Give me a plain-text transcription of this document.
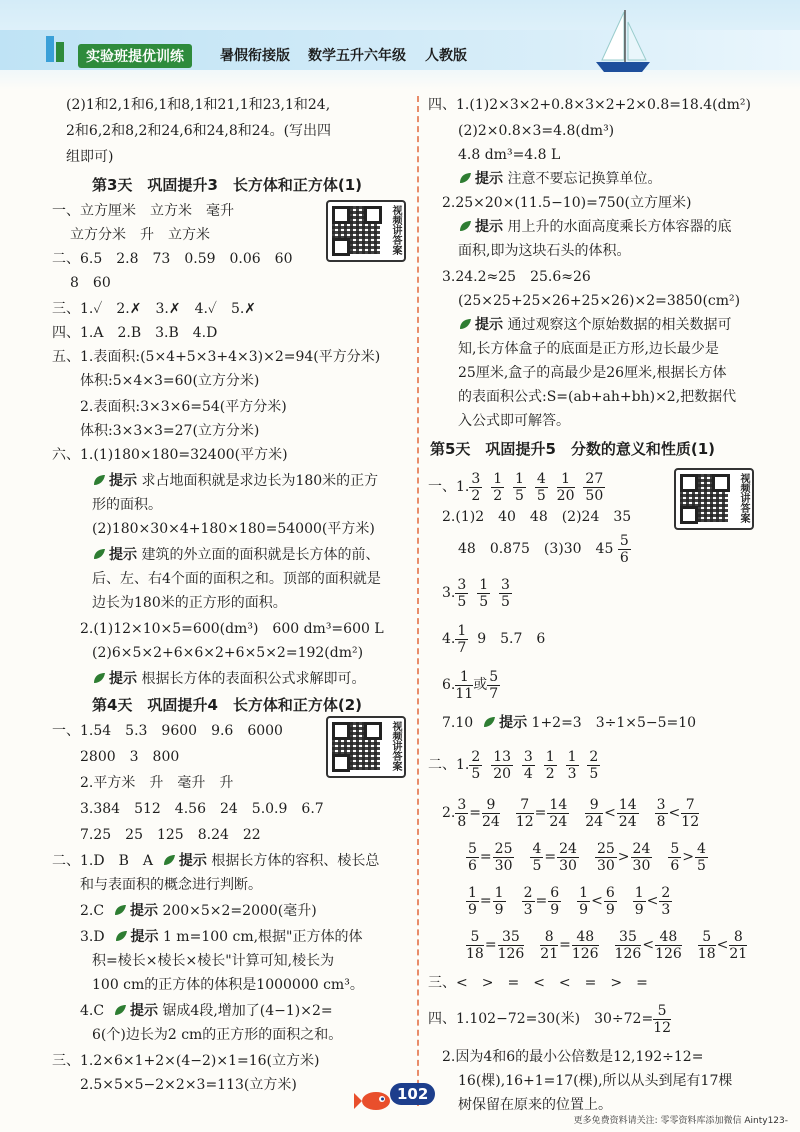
实验班提优训练	暑假衔接版 数学五升六年级 人教版
(2)1和2,1和6,1和8,1和21,1和23,1和24,
2和6,2和8,2和24,6和24,8和24。(写出四
组即可)
第3天　巩固提升3　长方体和正方体(1)
一、立方厘米　立方米　毫升
立方分米　升　立方米
二、6.5　2.8　73　0.59　0.06　60
8　60
三、1.✓　2.✗　3.✗　4.✓　5.✗
四、1.A　2.B　3.B　4.D
五、1.表面积:(5×4+5×3+4×3)×2=94(平方分米)
体积:5×4×3=60(立方分米)
2.表面积:3×3×6=54(平方分米)
体积:3×3×3=27(立方分米)
六、1.(1)180×180=32400(平方米)
提示 求占地面积就是求边长为180米的正方
形的面积。
(2)180×30×4+180×180=54000(平方米)
提示 建筑的外立面的面积就是长方体的前、
后、左、右4个面的面积之和。顶部的面积就是
边长为180米的正方形的面积。
2.(1)12×10×5=600(dm³)　600 dm³=600 L
(2)6×5×2+6×6×2+6×5×2=192(dm²)
提示 根据长方体的表面积公式求解即可。
第4天　巩固提升4　长方体和正方体(2)
一、1.54　5.3　9600　9.6　6000
2800　3　800
2.平方米　升　毫升　升
3.384　512　4.56　24　5.0.9　6.7
7.25　25　125　8.24　22
二、1.D　B　A 提示 根据长方体的容积、棱长总
和与表面积的概念进行判断。
2.C 提示 200×5×2=2000(毫升)
3.D 提示 1 m=100 cm,根据"正方体的体
积=棱长×棱长×棱长"计算可知,棱长为
100 cm的正方体的体积是1000000 cm³。
4.C 提示 锯成4段,增加了(4−1)×2=
6(个)边长为2 cm的正方形的面积之和。
三、1.2×6×1+2×(4−2)×1=16(立方米)
2.5×5×5−2×2×3=113(立方米)
视频讲答案
视频讲答案
四、1.(1)2×3×2+0.8×3×2+2×0.8=18.4(dm²)
(2)2×0.8×3=4.8(dm³)
4.8 dm³=4.8 L
提示 注意不要忘记换算单位。
2.25×20×(11.5−10)=750(立方厘米)
提示 用上升的水面高度乘长方体容器的底
面积,即为这块石头的体积。
3.24.2≈25　25.6≈26
(25×25+25×26+25×26)×2=3850(cm²)
提示 通过观察这个原始数据的相关数据可
知,长方体盒子的底面是正方形,边长最少是
25厘米,盒子的高最少是26厘米,根据长方体
的表面积公式:S=(ab+ah+bh)×2,把数据代
入公式即可解答。
第5天　巩固提升5　分数的意义和性质(1)
一、1. $\frac{3}{2}$
$\frac{1}{2}$
$\frac{1}{5}$
$\frac{4}{5}$
$\frac{1}{20}$
$\frac{27}{50}$
2.(1)2　40　48　(2)24　35
48　0.875　(3)30　$45 \frac{5}{6}$
3. $\frac{3}{5}$
$\frac{1}{5}$
$\frac{3}{5}$
4. $\frac{1}{7} 9$　5.7　6
6. $\frac{1}{11}$ 或 $\frac{5}{7}$
7.10 提示 1+2=3　3÷1×5−5=10
二、1. $\frac{2}{5}$
$\frac{13}{20}$
$\frac{3}{4}$
$\frac{1}{2}$
$\frac{1}{3}$
$\frac{2}{5}$
2. $\frac{3}{8} = \frac{9}{24}$
　 $\frac{7}{12} = \frac{14}{24}$
　 $\frac{9}{24} < \frac{14}{24}$
　 $\frac{3}{8} < \frac{7}{12}$
$\frac{5}{6} = \frac{25}{30}$
　 $\frac{4}{5} = \frac{24}{30}$
　 $\frac{25}{30} > \frac{24}{30}$
　 $\frac{5}{6} > \frac{4}{5}$
$\frac{1}{9} = \frac{1}{9}$
　 $\frac{2}{3} = \frac{6}{9}$
　 $\frac{1}{9} < \frac{6}{9}$
　 $\frac{1}{9} < \frac{2}{3}$
$\frac{5}{18} = \frac{35}{126}$
　 $\frac{8}{21} = \frac{48}{126}$
　 $\frac{35}{126} < \frac{48}{126}$
　 $\frac{5}{18} < \frac{8}{21}$
三、<　>　=　<　<　=　>　=
四、1.102−72=30(米)　$30\div 72= \frac{5}{12}$
2.因为4和6的最小公倍数是12,192÷12=
16(棵),16+1=17(棵),所以从头到尾有17棵
树保留在原来的位置上。
视频讲答案
102
更多免费资料请关注: 零零资料库添加微信 Ainty123-
